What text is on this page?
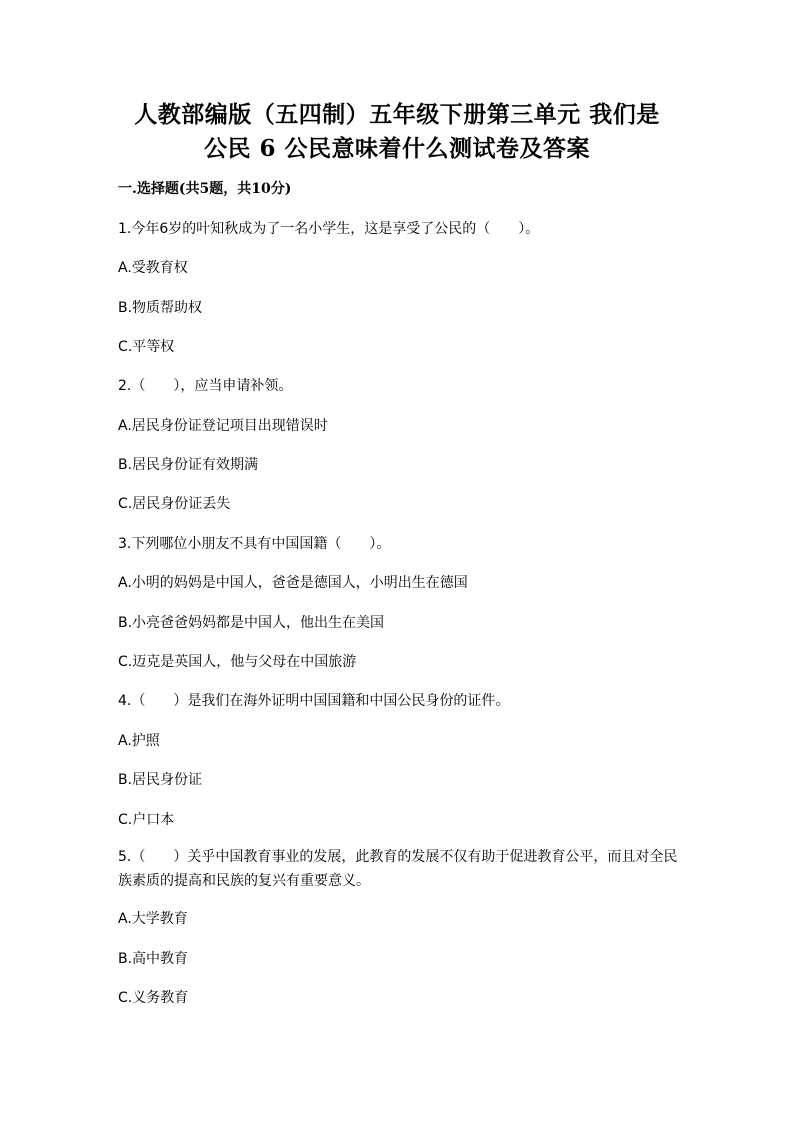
人教部编版（五四制）五年级下册第三单元 我们是
公民 6 公民意味着什么测试卷及答案
一.选择题(共5题，共10分)
1.今年6岁的叶知秋成为了一名小学生，这是享受了公民的（　　）。
A.受教育权
B.物质帮助权
C.平等权
2.（　　），应当申请补领。
A.居民身份证登记项目出现错误时
B.居民身份证有效期满
C.居民身份证丢失
3.下列哪位小朋友不具有中国国籍（　　）。
A.小明的妈妈是中国人，爸爸是德国人，小明出生在德国
B.小亮爸爸妈妈都是中国人，他出生在美国
C.迈克是英国人，他与父母在中国旅游
4.（　　）是我们在海外证明中国国籍和中国公民身份的证件。
A.护照
B.居民身份证
C.户口本
5.（　　）关乎中国教育事业的发展，此教育的发展不仅有助于促进教育公平，而且对全民族素质的提高和民族的复兴有重要意义。
A.大学教育
B.高中教育
C.义务教育
